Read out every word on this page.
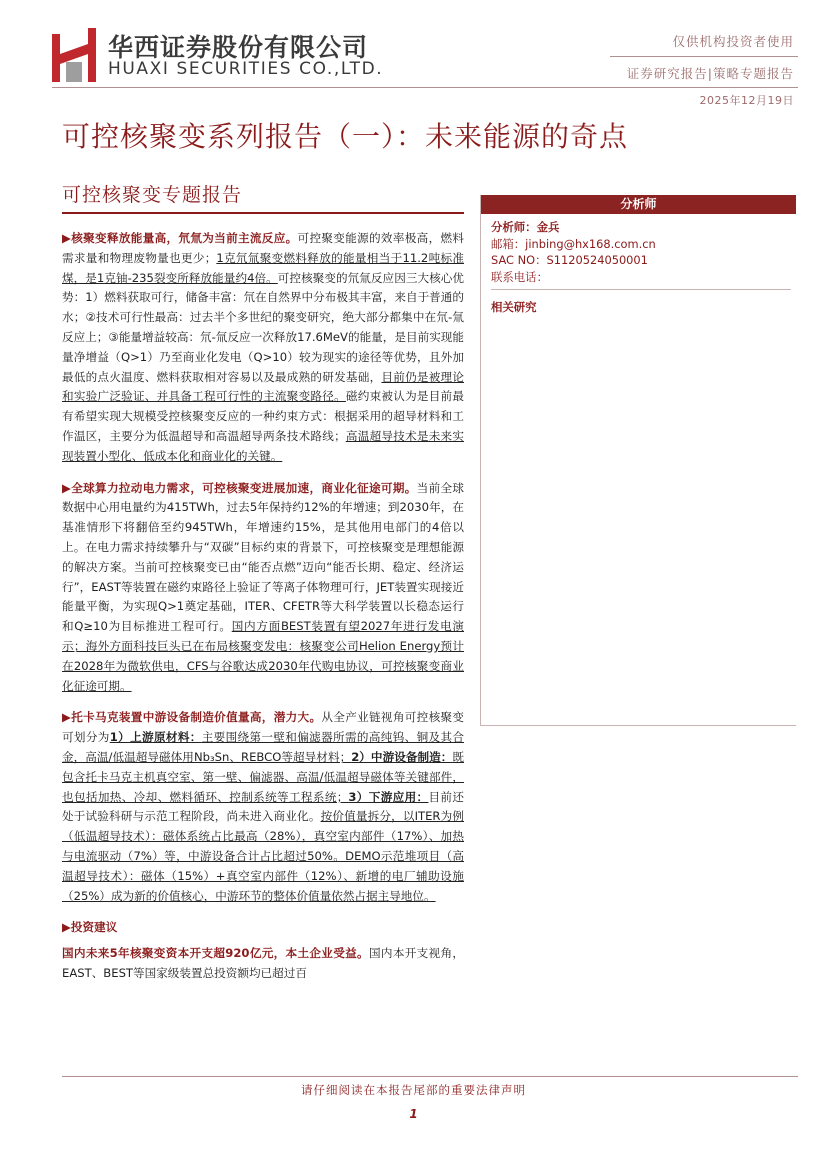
华西证券股份有限公司
HUAXI SECURITIES CO.,LTD.
仅供机构投资者使用
证券研究报告|策略专题报告
2025年12月19日
可控核聚变系列报告（一）：未来能源的奇点
可控核聚变专题报告

▶核聚变释放能量高，氘氚为当前主流反应。可控聚变能源的效率极高，燃料需求量和物理废物量也更少；1克氘氚聚变燃料释放的能量相当于11.2吨标准煤，是1克铀-235裂变所释放能量约4倍。可控核聚变的氘氚反应因三大核心优势：1）燃料获取可行，储备丰富：氘在自然界中分布极其丰富，来自于普通的水；②技术可行性最高：过去半个多世纪的聚变研究，绝大部分都集中在氘-氚反应上；③能量增益较高：氘-氚反应一次释放17.6MeV的能量，是目前实现能量净增益（Q>1）乃至商业化发电（Q>10）较为现实的途径等优势，且外加最低的点火温度、燃料获取相对容易以及最成熟的研发基础，目前仍是被理论和实验广泛验证、并具备工程可行性的主流聚变路径。磁约束被认为是目前最有希望实现大规模受控核聚变反应的一种约束方式：根据采用的超导材料和工作温区，主要分为低温超导和高温超导两条技术路线；高温超导技术是未来实现装置小型化、低成本化和商业化的关键。

▶全球算力拉动电力需求，可控核聚变进展加速，商业化征途可期。当前全球数据中心用电量约为415TWh，过去5年保持约12%的年增速；到2030年，在基准情形下将翻倍至约945TWh，年增速约15%，是其他用电部门的4倍以上。在电力需求持续攀升与“双碳”目标约束的背景下，可控核聚变是理想能源的解决方案。当前可控核聚变已由“能否点燃”迈向“能否长期、稳定、经济运行”，EAST等装置在磁约束路径上验证了等离子体物理可行，JET装置实现接近能量平衡，为实现Q>1奠定基础，ITER、CFETR等大科学装置以长稳态运行和Q≥10为目标推进工程可行。国内方面BEST装置有望2027年进行发电演示；海外方面科技巨头已在布局核聚变发电：核聚变公司Helion Energy预计在2028年为微软供电，CFS与谷歌达成2030年代购电协议，可控核聚变商业化征途可期。

▶托卡马克装置中游设备制造价值量高，潜力大。从全产业链视角可控核聚变可划分为1）上游原材料：主要围绕第一壁和偏滤器所需的高纯钨、铜及其合金，高温/低温超导磁体用Nb₃Sn、REBCO等超导材料；2）中游设备制造：既包含托卡马克主机真空室、第一壁、偏滤器、高温/低温超导磁体等关键部件，也包括加热、冷却、燃料循环、控制系统等工程系统；3）下游应用：目前还处于试验科研与示范工程阶段，尚未进入商业化。按价值量拆分，以ITER为例（低温超导技术）：磁体系统占比最高（28%），真空室内部件（17%）、加热与电流驱动（7%）等，中游设备合计占比超过50%。DEMO示范堆项目（高温超导技术）：磁体（15%）+真空室内部件（12%）、新增的电厂辅助设施（25%）成为新的价值核心，中游环节的整体价值量依然占据主导地位。

▶投资建议

国内未来5年核聚变资本开支超920亿元，本土企业受益。国内本开支视角，EAST、BEST等国家级装置总投资额均已超过百

分析师
分析师：金兵
邮箱：jinbing@hx168.com.cn
SAC NO：S1120524050001
联系电话：
相关研究
请仔细阅读在本报告尾部的重要法律声明
1
